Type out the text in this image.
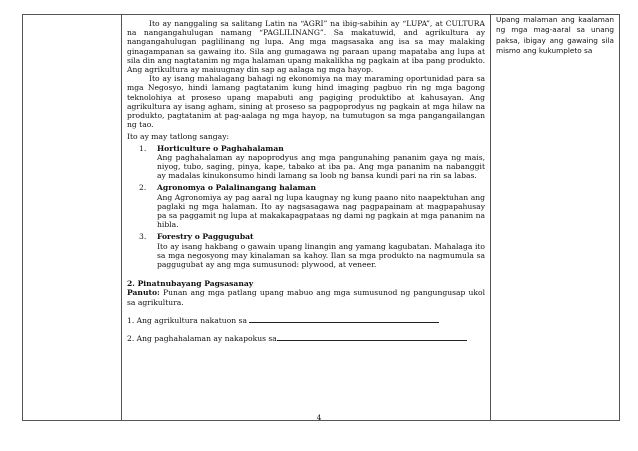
Ito ay nanggaling sa salitang Latin na “AGRI” na ibig-sabihin ay “LUPA”, at CULTURA na nangangahulugan namang “PAGLILINANG”. Sa makatuwid, and agrikultura ay nangangahulugan paglilinang ng lupa. Ang mga magsasaka ang isa sa may malaking ginagampanan sa gawaing ito. Sila ang gumagawa ng paraan upang mapataba ang lupa at sila din ang nagtatanim ng mga halaman upang makalikha ng pagkain at iba pang produkto. Ang agrikultura ay maiuugnay din sap ag aalaga ng mga hayop.

Ito ay isang mahalagang bahagi ng ekonomiya na may maraming oportunidad para sa mga Negosyo, hindi lamang pagtatanim kung hind imaging pagbuo rin ng mga bagong teknolohiya at proseso upang mapabuti ang pagiging produktibo at kahusayan. Ang agrikultura ay isang agham, sining at proseso sa pagpoprodyus ng pagkain at mga hilaw na produkto, pagtatanim at pag-aalaga ng mga hayop, na tumutugon sa mga pangangailangan ng tao.

Ito ay may tatlong sangay:

1. Horticulture o Paghahalaman
Ang paghahalaman ay napoprodyus ang mga pangunahing pananim gaya ng mais, niyog, tubo, saging, pinya, kape, tabako at iba pa. Ang mga pananim na nabanggit ay madalas kinukonsumo hindi lamang sa loob ng bansa kundi pari na rin sa labas.
2. Agronomya o Palalinangang halaman
Ang Agronomiya ay pag aaral ng lupa kaugnay ng kung paano nito naapektuhan ang paglaki ng mga halaman. Ito ay nagsasagawa nag pagpapainam at magpapahusay pa sa paggamit ng lupa at makakapagpataas ng dami ng pagkain at mga pananim na hibla.
3. Forestry o Paggugubat
Ito ay isang hakbang o gawain upang linangin ang yamang kagubatan. Mahalaga ito sa mga negosyong may kinalaman sa kahoy. Ilan sa mga produkto na nagmumula sa paggugubat ay ang mga sumusunod: plywood, at veneer.

2. Pinatnubayang Pagsasanay

Panuto: Punan ang mga patlang upang mabuo ang mga sumusunod ng pangungusap ukol sa agrikultura.

1. Ang agrikultura nakatuon sa

2. Ang paghahalaman ay nakapokus sa

Upang malaman ang kaalaman ng mga mag-aaral sa unang paksa, ibigay ang gawaing sila mismo ang kukumpleto sa
4
